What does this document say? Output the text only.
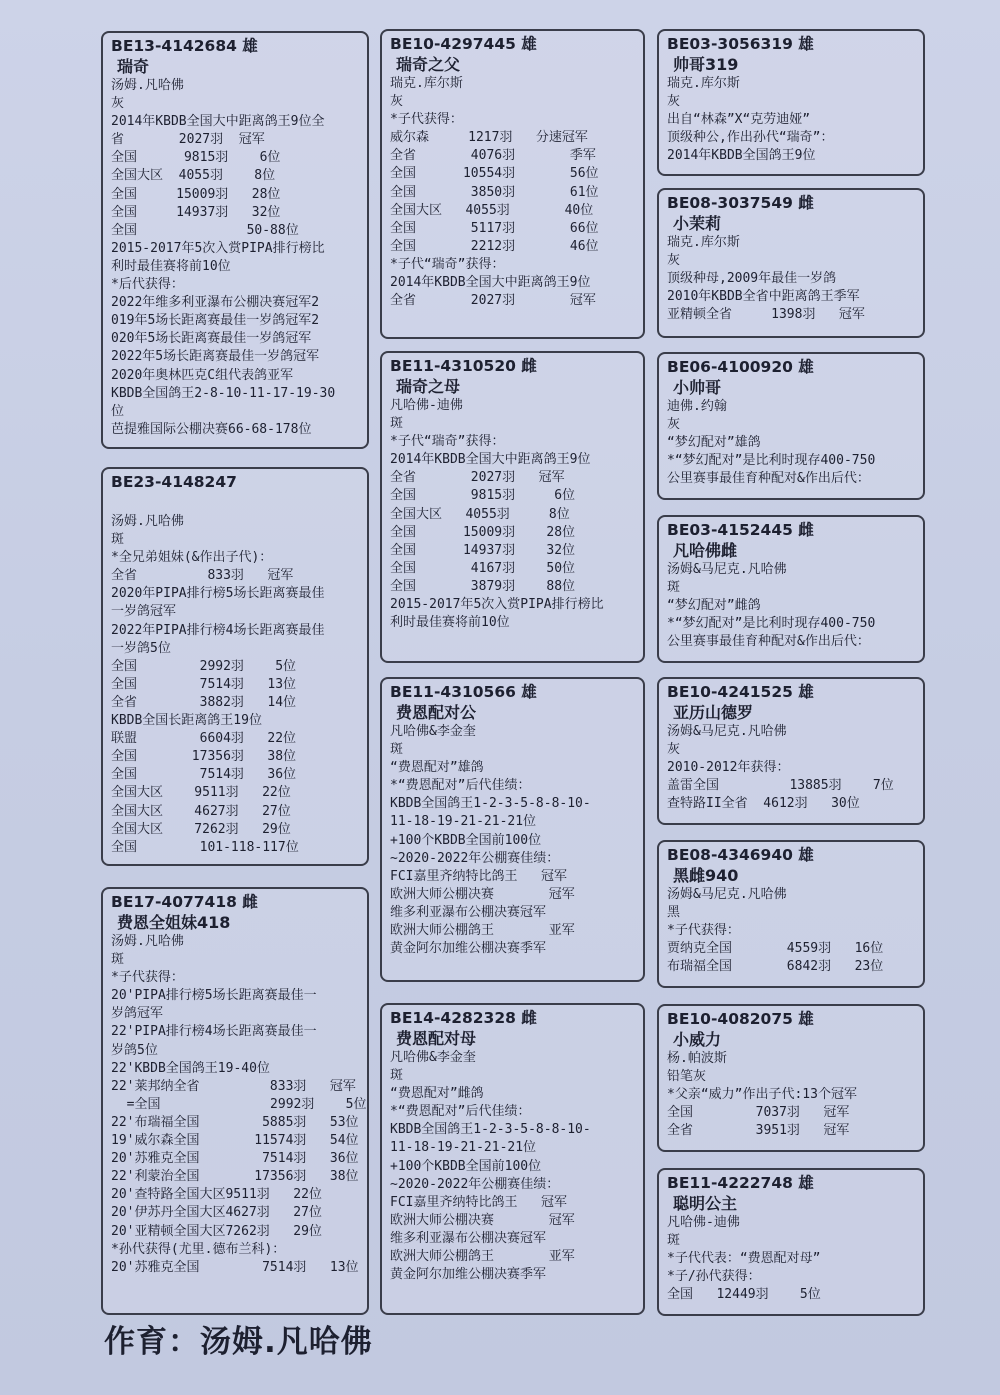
BE13-4142684 雄
瑞奇
汤姆.凡哈佛
灰
2014年KBDB全国大中距离鸽王9位全
省       2027羽  冠军
全国      9815羽    6位
全国大区  4055羽    8位
全国     15009羽   28位
全国     14937羽   32位
全国              50-88位
2015-2017年5次入赏PIPA排行榜比
利时最佳赛将前10位
*后代获得：
2022年维多利亚瀑布公棚决赛冠军2
019年5场长距离赛最佳一岁鸽冠军2
020年5场长距离赛最佳一岁鸽冠军
2022年5场长距离赛最佳一岁鸽冠军
2020年奥林匹克C组代表鸽亚军
KBDB全国鸽王2-8-10-11-17-19-30
位
芭提雅国际公棚决赛66-68-178位
BE23-4148247
汤姆.凡哈佛
斑
*全兄弟姐妹(&作出子代)：
全省         833羽   冠军
2020年PIPA排行榜5场长距离赛最佳
一岁鸽冠军
2022年PIPA排行榜4场长距离赛最佳
一岁鸽5位
全国        2992羽    5位
全国        7514羽   13位
全省        3882羽   14位
KBDB全国长距离鸽王19位
联盟        6604羽   22位
全国       17356羽   38位
全国        7514羽   36位
全国大区    9511羽   22位
全国大区    4627羽   27位
全国大区    7262羽   29位
全国        101-118-117位
BE17-4077418 雌
费恩全姐妹418
汤姆.凡哈佛
斑
*子代获得：
20'PIPA排行榜5场长距离赛最佳一
岁鸽冠军
22'PIPA排行榜4场长距离赛最佳一
岁鸽5位
22'KBDB全国鸽王19-40位
22'莱邦纳全省         833羽   冠军
=全国              2992羽    5位
22'布瑞福全国        5885羽   53位
19'威尔森全国       11574羽   54位
20'苏雅克全国        7514羽   36位
22'利蒙治全国       17356羽   38位
20'查特路全国大区9511羽   22位
20'伊苏丹全国大区4627羽   27位
20'亚精顿全国大区7262羽   29位
*孙代获得(尤里.德布兰科)：
20'苏雅克全国        7514羽   13位
BE10-4297445 雄
瑞奇之父
瑞克.库尔斯
灰
*子代获得：
威尔森     1217羽   分速冠军
全省       4076羽       季军
全国      10554羽       56位
全国       3850羽       61位
全国大区   4055羽       40位
全国       5117羽       66位
全国       2212羽       46位
*子代“瑞奇”获得：
2014年KBDB全国大中距离鸽王9位
全省       2027羽       冠军
BE11-4310520 雌
瑞奇之母
凡哈佛-迪佛
斑
*子代“瑞奇”获得：
2014年KBDB全国大中距离鸽王9位
全省       2027羽   冠军
全国       9815羽     6位
全国大区   4055羽     8位
全国      15009羽    28位
全国      14937羽    32位
全国       4167羽    50位
全国       3879羽    88位
2015-2017年5次入赏PIPA排行榜比
利时最佳赛将前10位
BE11-4310566 雄
费恩配对公
凡哈佛&李金奎
斑
“费恩配对”雄鸽
*“费恩配对”后代佳绩：
KBDB全国鸽王1-2-3-5-8-8-10-
11-18-19-21-21-21位
+100个KBDB全国前100位
~2020-2022年公棚赛佳绩：
FCI嘉里齐纳特比鸽王   冠军
欧洲大师公棚决赛       冠军
维多利亚瀑布公棚决赛冠军
欧洲大师公棚鸽王       亚军
黄金阿尔加维公棚决赛季军
BE14-4282328 雌
费恩配对母
凡哈佛&李金奎
斑
“费恩配对”雌鸽
*“费恩配对”后代佳绩：
KBDB全国鸽王1-2-3-5-8-8-10-
11-18-19-21-21-21位
+100个KBDB全国前100位
~2020-2022年公棚赛佳绩：
FCI嘉里齐纳特比鸽王   冠军
欧洲大师公棚决赛       冠军
维多利亚瀑布公棚决赛冠军
欧洲大师公棚鸽王       亚军
黄金阿尔加维公棚决赛季军
BE03-3056319 雄
帅哥319
瑞克.库尔斯
灰
出自“林森”X“克劳迪娅”
顶级种公,作出孙代“瑞奇”：
2014年KBDB全国鸽王9位
BE08-3037549 雌
小茉莉
瑞克.库尔斯
灰
顶级种母,2009年最佳一岁鸽
2010年KBDB全省中距离鸽王季军
亚精顿全省     1398羽   冠军
BE06-4100920 雄
小帅哥
迪佛.约翰
灰
“梦幻配对”雄鸽
*“梦幻配对”是比利时现存400-750
公里赛事最佳育种配对&作出后代：
BE03-4152445 雌
凡哈佛雌
汤姆&马尼克.凡哈佛
斑
“梦幻配对”雌鸽
*“梦幻配对”是比利时现存400-750
公里赛事最佳育种配对&作出后代：
BE10-4241525 雄
亚历山德罗
汤姆&马尼克.凡哈佛
灰
2010-2012年获得：
盖雷全国         13885羽    7位
查特路II全省  4612羽   30位
BE08-4346940 雄
黑雌940
汤姆&马尼克.凡哈佛
黑
*子代获得：
贾纳克全国       4559羽   16位
布瑞福全国       6842羽   23位
BE10-4082075 雄
小威力
杨.帕波斯
铅笔灰
*父亲“威力”作出子代:13个冠军
全国        7037羽   冠军
全省        3951羽   冠军
BE11-4222748 雄
聪明公主
凡哈佛-迪佛
斑
*子代代表：“费恩配对母”
*子/孙代获得：
全国   12449羽    5位
作育：汤姆.凡哈佛
